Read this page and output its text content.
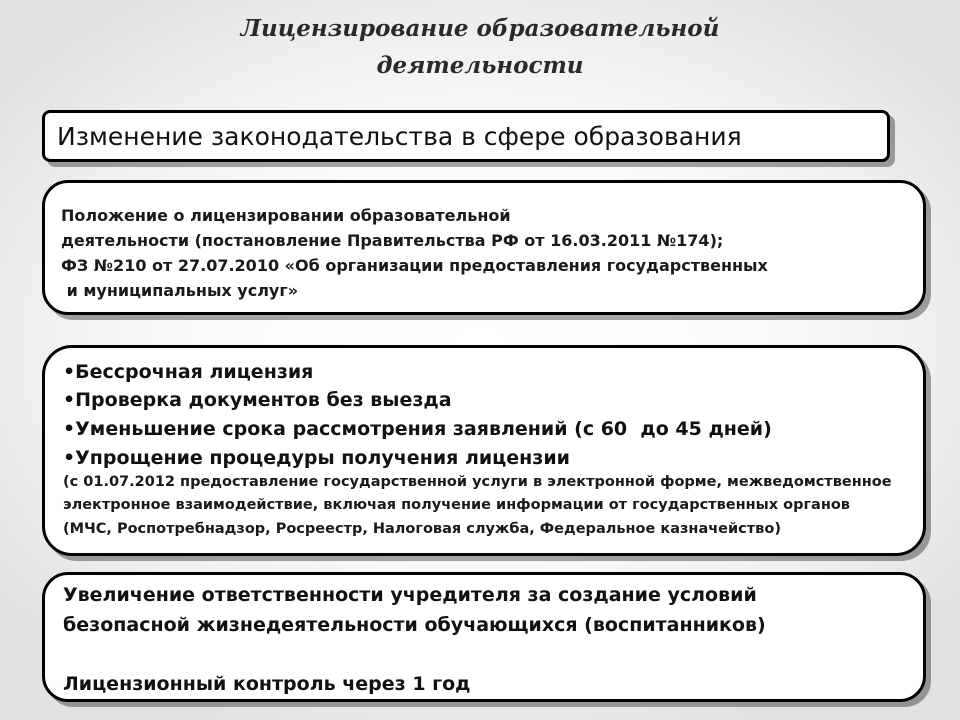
Лицензирование образовательной
деятельности
Изменение законодательства в сфере образования
Положение о лицензировании образовательной
деятельности (постановление Правительства РФ от 16.03.2011 №174);
ФЗ №210 от 27.07.2010 «Об организации предоставления государственных
и муниципальных услуг»
•Бессрочная лицензия
•Проверка документов без выезда
•Уменьшение срока рассмотрения заявлений (с 60  до 45 дней)
•Упрощение процедуры получения лицензии
(с 01.07.2012 предоставление государственной услуги в электронной форме, межведомственное
электронное взаимодействие, включая получение информации от государственных органов
(МЧС, Роспотребнадзор, Росреестр, Налоговая служба, Федеральное казначейство)
Увеличение ответственности учредителя за создание условий
безопасной жизнедеятельности обучающихся (воспитанников)
Лицензионный контроль через 1 год
